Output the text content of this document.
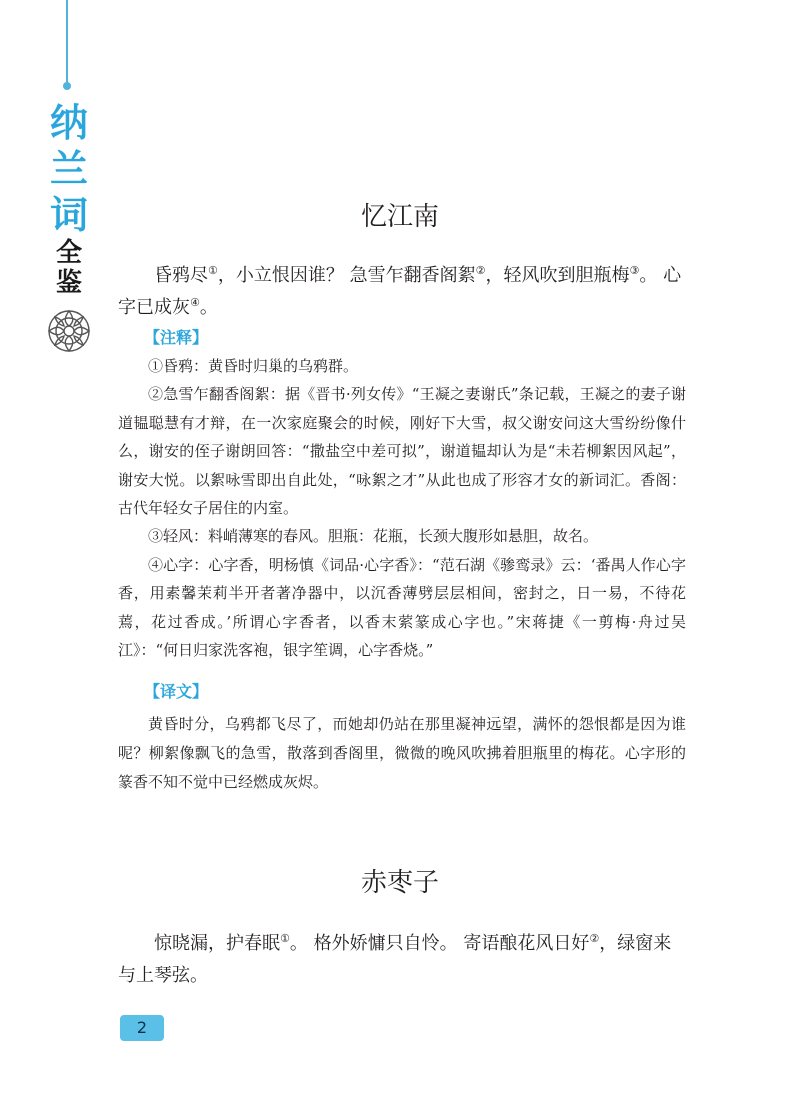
纳
兰
词
全
鉴
忆江南

昏鸦尽①，小立恨因谁？ 急雪乍翻香阁絮②，轻风吹到胆瓶梅③。 心字已成灰④。

【注释】

①昏鸦：黄昏时归巢的乌鸦群。

②急雪乍翻香阁絮：据《晋书·列女传》“王凝之妻谢氏”条记载，王凝之的妻子谢道韫聪慧有才辩，在一次家庭聚会的时候，刚好下大雪，叔父谢安问这大雪纷纷像什么，谢安的侄子谢朗回答：“撒盐空中差可拟”，谢道韫却认为是“未若柳絮因风起”，谢安大悦。以絮咏雪即出自此处，“咏絮之才”从此也成了形容才女的新词汇。香阁：古代年轻女子居住的内室。

③轻风：料峭薄寒的春风。胆瓶：花瓶，长颈大腹形如悬胆，故名。

④心字：心字香，明杨慎《词品·心字香》：“范石湖《骖鸾录》云：‘番禺人作心字香，用素馨茉莉半开者著净器中，以沉香薄劈层层相间，密封之，日一易，不待花蔫，花过香成。’所谓心字香者，以香末萦篆成心字也。”宋蒋捷《一剪梅·舟过吴江》：“何日归家洗客袍，银字笙调，心字香烧。”

【译文】

黄昏时分，乌鸦都飞尽了，而她却仍站在那里凝神远望，满怀的怨恨都是因为谁呢？柳絮像飘飞的急雪，散落到香阁里，微微的晚风吹拂着胆瓶里的梅花。心字形的篆香不知不觉中已经燃成灰烬。

赤枣子

惊晓漏，护春眠①。 格外娇慵只自怜。 寄语酿花风日好②，绿窗来与上琴弦。

2
